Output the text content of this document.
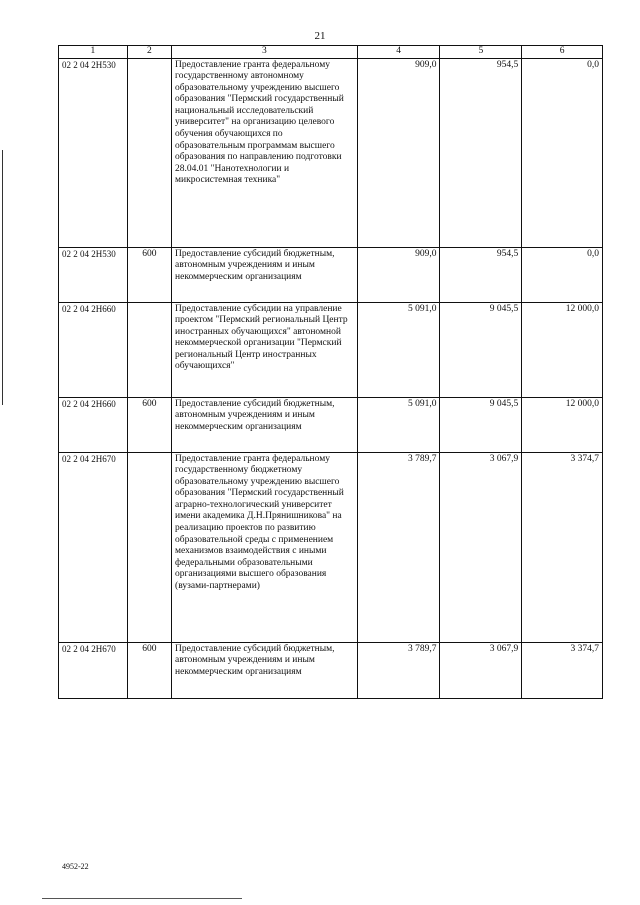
21
1	2	3	4	5	6
02 2 04 2H530		Предоставление гранта федеральному государственному автономному образовательному учреждению высшего образования "Пермский государственный национальный исследовательский университет" на организацию целевого обучения обучающихся по образовательным программам высшего образования по направлению подготовки 28.04.01 "Нанотехнологии и микросистемная техника"	909,0	954,5	0,0
02 2 04 2H530	600	Предоставление субсидий бюджетным, автономным учреждениям и иным некоммерческим организациям	909,0	954,5	0,0
02 2 04 2H660		Предоставление субсидии на управление проектом "Пермский региональный Центр иностранных обучающихся" автономной некоммерческой организации "Пермский региональный Центр иностранных обучающихся"	5 091,0	9 045,5	12 000,0
02 2 04 2H660	600	Предоставление субсидий бюджетным, автономным учреждениям и иным некоммерческим организациям	5 091,0	9 045,5	12 000,0
02 2 04 2H670		Предоставление гранта федеральному государственному бюджетному образовательному учреждению высшего образования "Пермский государственный аграрно-технологический университет имени академика Д.Н.Прянишникова" на реализацию проектов по развитию образовательной среды с применением механизмов взаимодействия с иными федеральными образовательными организациями высшего образования (вузами-партнерами)	3 789,7	3 067,9	3 374,7
02 2 04 2H670	600	Предоставление субсидий бюджетным, автономным учреждениям и иным некоммерческим организациям	3 789,7	3 067,9	3 374,7
4952-22
